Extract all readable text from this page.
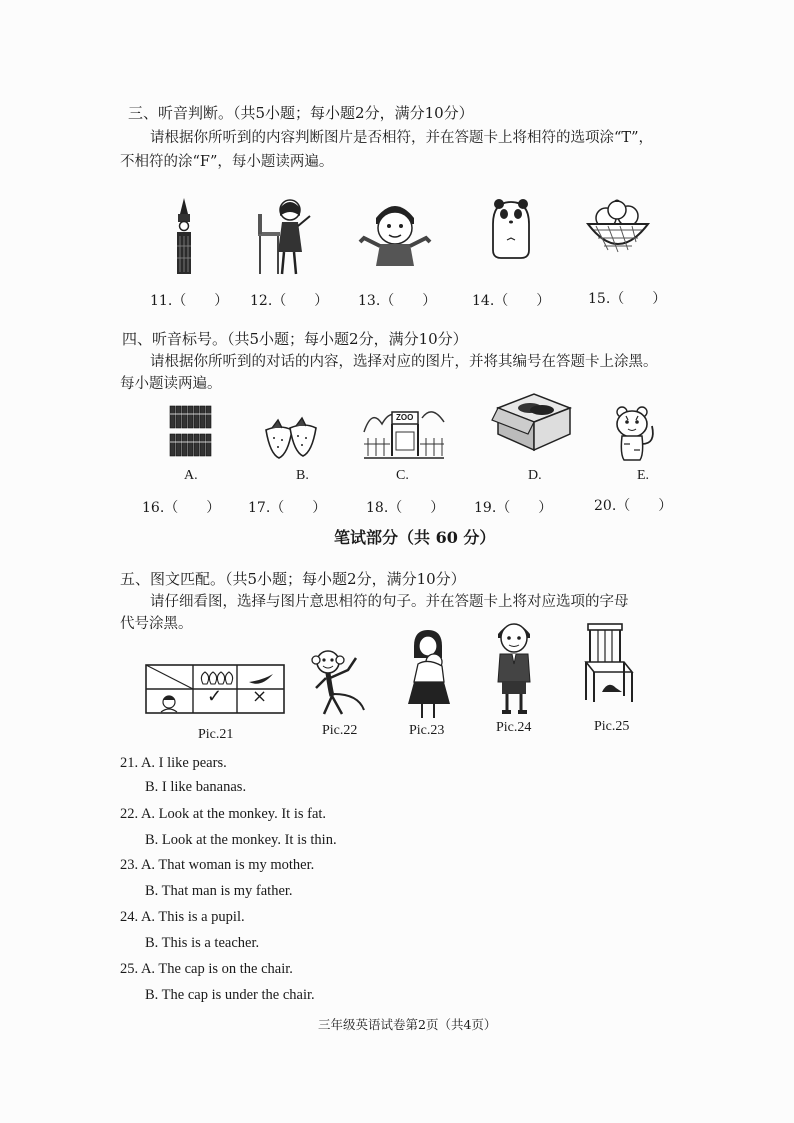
三、听音判断。（共5小题；每小题2分，满分10分）
请根据你所听到的内容判断图片是否相符，并在答题卡上将相符的选项涂“T”，
不相符的涂“F”，每小题读两遍。
11.（　　） 12.（　　） 13.（　　）	14.（　　）	15.（　　）
四、听音标号。（共5小题；每小题2分，满分10分）
请根据你所听到的对话的内容，选择对应的图片，并将其编号在答题卡上涂黑。
每小题读两遍。
ZOO
A.	B.	C.	D.	E.
16.（　　） 17.（　　）	18.（　　） 19.（　　）	20.（　　）
笔试部分（共 60 分）
五、图文匹配。（共5小题；每小题2分，满分10分）
请仔细看图，选择与图片意思相符的句子。并在答题卡上将对应选项的字母
代号涂黑。
✓ ×
Pic.21	Pic.22	Pic.23	Pic.24	Pic.25
21. A. I like pears.
B. I like bananas.
22. A. Look at the monkey. It is fat.
B. Look at the monkey. It is thin.
23. A. That woman is my mother.
B. That man is my father.
24. A. This is a pupil.
B. This is a teacher.
25. A. The cap is on the chair.
B. The cap is under the chair.
三年级英语试卷第2页（共4页）
